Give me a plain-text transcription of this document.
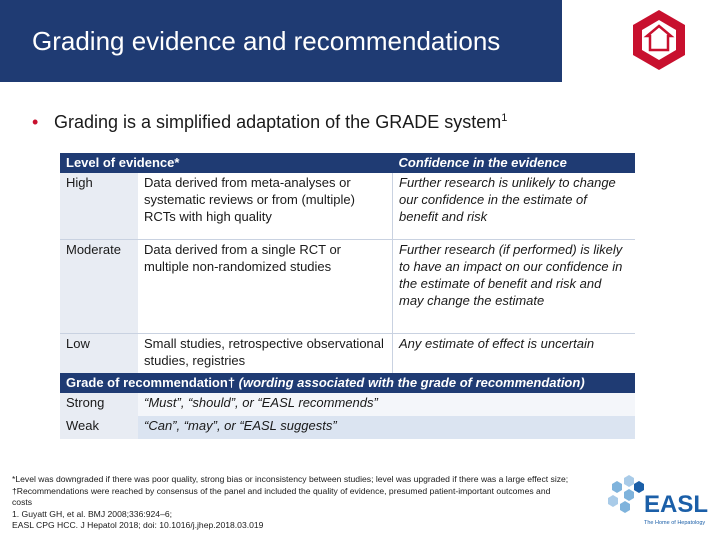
Grading evidence and recommendations
• Grading is a simplified adaptation of the GRADE system$^1$
Level of evidence*		Confidence in the evidence
High	Data derived from meta-analyses or systematic reviews or from (multiple) RCTs with high quality	Further research is unlikely to change our confidence in the estimate of benefit and risk
Moderate	Data derived from a single RCT or multiple non-randomized studies	Further research (if performed) is likely to have an impact on our confidence in the estimate of benefit and risk and may change the estimate
Low	Small studies, retrospective observational studies, registries	Any estimate of effect is uncertain
Grade of recommendation† (wording associated with the grade of recommendation)		
Strong	“Must”, “should”, or “EASL recommends”	
Weak	“Can”, “may”, or “EASL suggests”	
*Level was downgraded if there was poor quality, strong bias or inconsistency between studies; level was upgraded if there was a large effect size; †Recommendations were reached by consensus of the panel and included the quality of evidence, presumed patient-important outcomes and costs
1. Guyatt GH, et al. BMJ 2008;336:924–6;
EASL CPG HCC. J Hepatol 2018; doi: 10.1016/j.jhep.2018.03.019
EASL
The Home of Hepatology
